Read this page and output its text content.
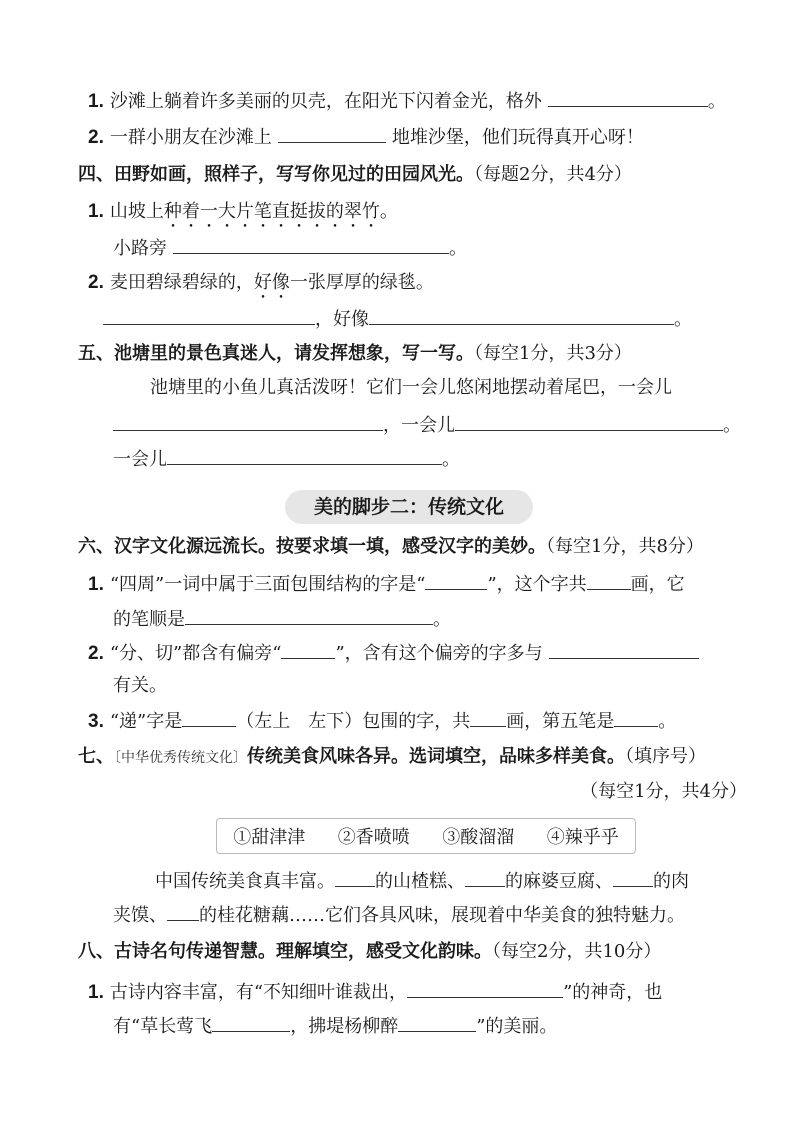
1. 沙滩上躺着许多美丽的贝壳，在阳光下闪着金光，格外	。
2. 一群小朋友在沙滩上	地堆沙堡，他们玩得真开心呀！
四、田野如画，照样子，写写你见过的田园风光。（每题2分，共4分）
1. 山坡上种着一大片笔直挺拔的翠竹。
小路旁	。
2. 麦田碧绿碧绿的，好像一张厚厚的绿毯。
，好像	。
五、池塘里的景色真迷人，请发挥想象，写一写。（每空1分，共3分）
池塘里的小鱼儿真活泼呀！它们一会儿悠闲地摆动着尾巴，一会儿
，一会儿	。
一会儿	。
美的脚步二：传统文化
六、汉字文化源远流长。按要求填一填，感受汉字的美妙。（每空1分，共8分）
1. “四周”一词中属于三面包围结构的字是“	”，这个字共 画，它
的笔顺是	。
2. “分、切”都含有偏旁“	”，含有这个偏旁的字多与
有关。
3. “递”字是	（左上　左下）包围的字，共 画，第五笔是 。
七、〔中华优秀传统文化〕传统美食风味各异。选词填空，品味多样美食。（填序号）
（每空1分，共4分）
①甜津津 ②香喷喷 ③酸溜溜 ④辣乎乎
中国传统美食真丰富。 的山楂糕、 的麻婆豆腐、 的肉
夹馍、 的桂花糖藕……它们各具风味，展现着中华美食的独特魅力。
八、古诗名句传递智慧。理解填空，感受文化韵味。（每空2分，共10分）
1. 古诗内容丰富，有“不知细叶谁裁出，	”的神奇，也
有“草长莺飞	，拂堤杨柳醉	”的美丽。
